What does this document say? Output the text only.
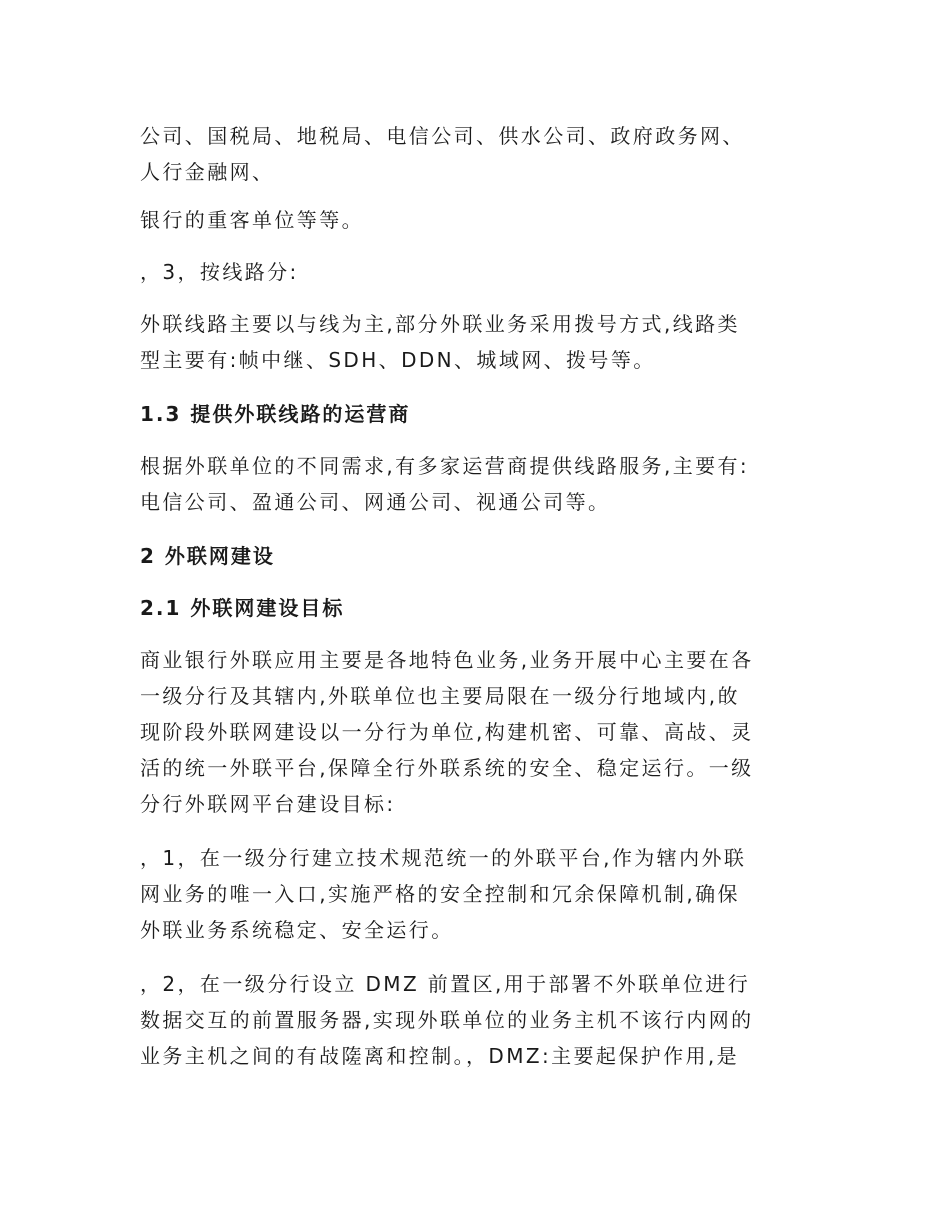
公司、国税局、地税局、电信公司、供水公司、政府政务网、
人行金融网、

银行的重客单位等等。

，3，按线路分:

外联线路主要以与线为主,部分外联业务采用拨号方式,线路类
型主要有:帧中继、SDH、DDN、城域网、拨号等。

1.3 提供外联线路的运营商

根据外联单位的不同需求,有多家运营商提供线路服务,主要有:
电信公司、盈通公司、网通公司、视通公司等。

2 外联网建设
2.1 外联网建设目标

商业银行外联应用主要是各地特色业务,业务开展中心主要在各
一级分行及其辖内,外联单位也主要局限在一级分行地域内,敀
现阶段外联网建设以一分行为单位,构建机密、可靠、高敁、灵
活的统一外联平台,保障全行外联系统的安全、稳定运行。一级
分行外联网平台建设目标:

，1，在一级分行建立技术规范统一的外联平台,作为辖内外联
网业务的唯一入口,实施严格的安全控制和冗余保障机制,确保
外联业务系统稳定、安全运行。

，2，在一级分行设立 DMZ 前置区,用于部署不外联单位进行
数据交互的前置服务器,实现外联单位的业务主机不该行内网的
业务主机之间的有敁隓离和控制。，DMZ:主要起保护作用,是
